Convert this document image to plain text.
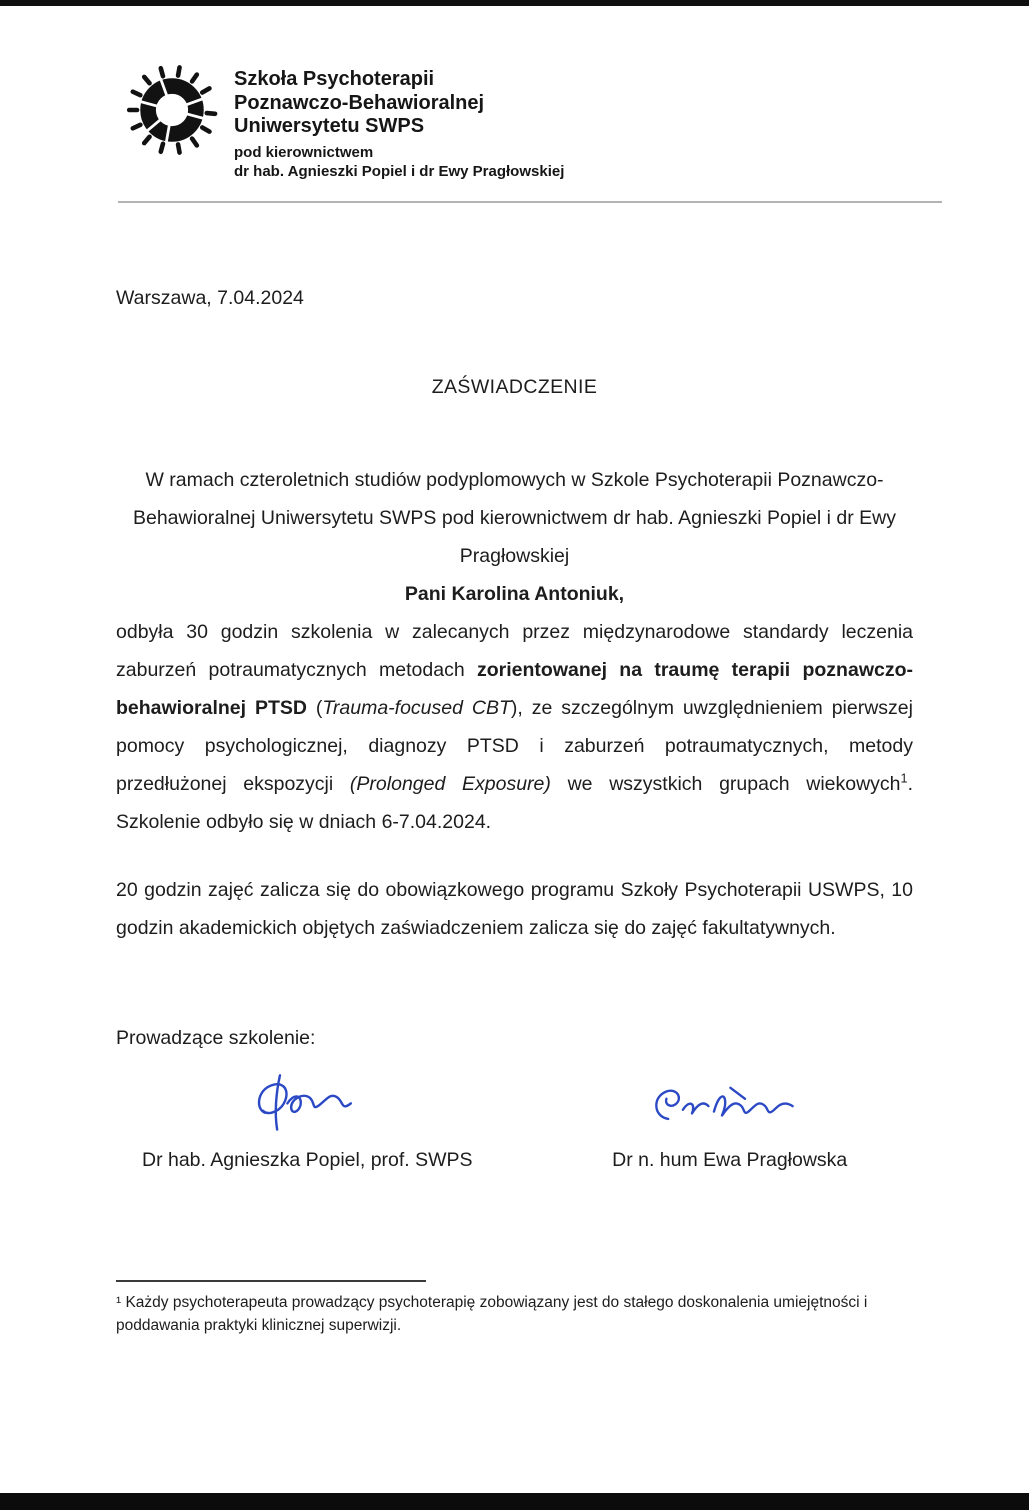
Szkoła Psychoterapii
Poznawczo-Behawioralnej
Uniwersytetu SWPS
pod kierownictwem
dr hab. Agnieszki Popiel i dr Ewy Pragłowskiej

Warszawa, 7.04.2024

ZAŚWIADCZENIE

W ramach czteroletnich studiów podyplomowych w Szkole Psychoterapii Poznawczo-Behawioralnej Uniwersytetu SWPS pod kierownictwem dr hab. Agnieszki Popiel i dr Ewy Pragłowskiej

Pani Karolina Antoniuk,

odbyła 30 godzin szkolenia w zalecanych przez międzynarodowe standardy leczenia zaburzeń potraumatycznych metodach zorientowanej na traumę terapii poznawczo-behawioralnej PTSD (Trauma-focused CBT), ze szczególnym uwzględnieniem pierwszej pomocy psychologicznej, diagnozy PTSD i zaburzeń potraumatycznych, metody przedłużonej ekspozycji (Prolonged Exposure) we wszystkich grupach wiekowych$^1$. Szkolenie odbyło się w dniach 6-7.04.2024.

20 godzin zajęć zalicza się do obowiązkowego programu Szkoły Psychoterapii USWPS, 10 godzin akademickich objętych zaświadczeniem zalicza się do zajęć fakultatywnych.

Prowadzące szkolenie:

Dr hab. Agnieszka Popiel, prof. SWPS	Dr n. hum Ewa Pragłowska

¹ Każdy psychoterapeuta prowadzący psychoterapię zobowiązany jest do stałego doskonalenia umiejętności i poddawania praktyki klinicznej superwizji.
